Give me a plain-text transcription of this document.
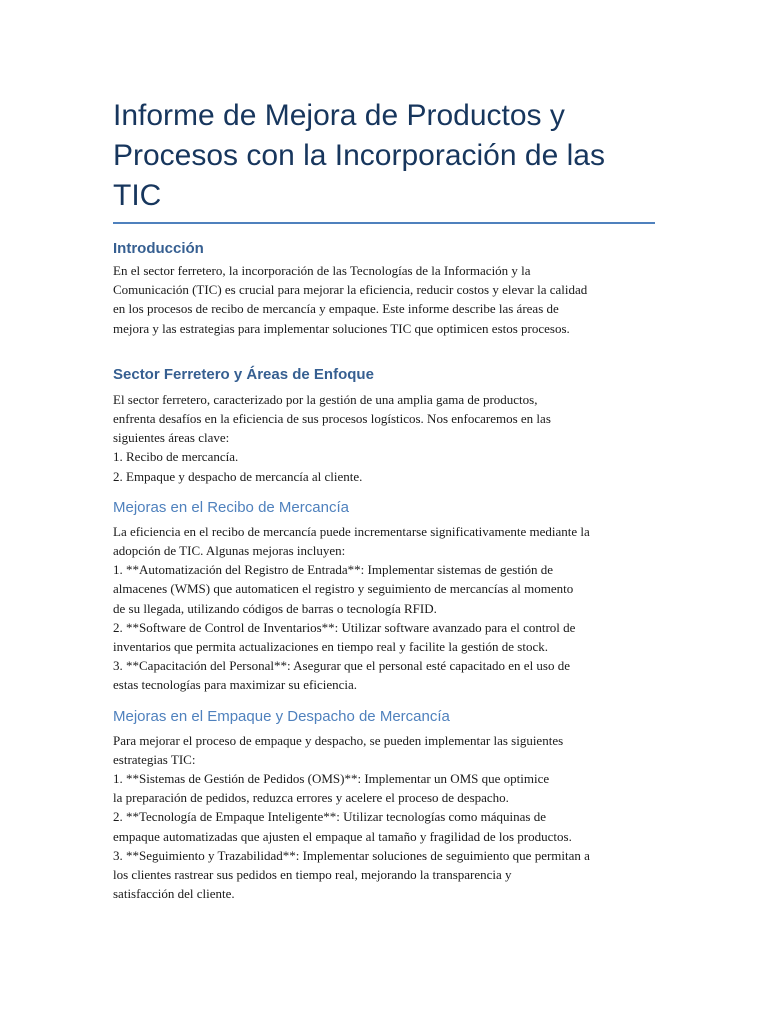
Informe de Mejora de Productos y Procesos con la Incorporación de las TIC
Introducción

En el sector ferretero, la incorporación de las Tecnologías de la Información y la

Comunicación (TIC) es crucial para mejorar la eficiencia, reducir costos y elevar la calidad

en los procesos de recibo de mercancía y empaque. Este informe describe las áreas de

mejora y las estrategias para implementar soluciones TIC que optimicen estos procesos.

Sector Ferretero y Áreas de Enfoque

El sector ferretero, caracterizado por la gestión de una amplia gama de productos,

enfrenta desafíos en la eficiencia de sus procesos logísticos. Nos enfocaremos en las

siguientes áreas clave:

1. Recibo de mercancía.

2. Empaque y despacho de mercancía al cliente.

Mejoras en el Recibo de Mercancía

La eficiencia en el recibo de mercancía puede incrementarse significativamente mediante la

adopción de TIC. Algunas mejoras incluyen:

1. **Automatización del Registro de Entrada**: Implementar sistemas de gestión de

almacenes (WMS) que automaticen el registro y seguimiento de mercancías al momento

de su llegada, utilizando códigos de barras o tecnología RFID.

2. **Software de Control de Inventarios**: Utilizar software avanzado para el control de

inventarios que permita actualizaciones en tiempo real y facilite la gestión de stock.

3. **Capacitación del Personal**: Asegurar que el personal esté capacitado en el uso de

estas tecnologías para maximizar su eficiencia.

Mejoras en el Empaque y Despacho de Mercancía

Para mejorar el proceso de empaque y despacho, se pueden implementar las siguientes

estrategias TIC:

1. **Sistemas de Gestión de Pedidos (OMS)**: Implementar un OMS que optimice

la preparación de pedidos, reduzca errores y acelere el proceso de despacho.

2. **Tecnología de Empaque Inteligente**: Utilizar tecnologías como máquinas de

empaque automatizadas que ajusten el empaque al tamaño y fragilidad de los productos.

3. **Seguimiento y Trazabilidad**: Implementar soluciones de seguimiento que permitan a

los clientes rastrear sus pedidos en tiempo real, mejorando la transparencia y

satisfacción del cliente.
